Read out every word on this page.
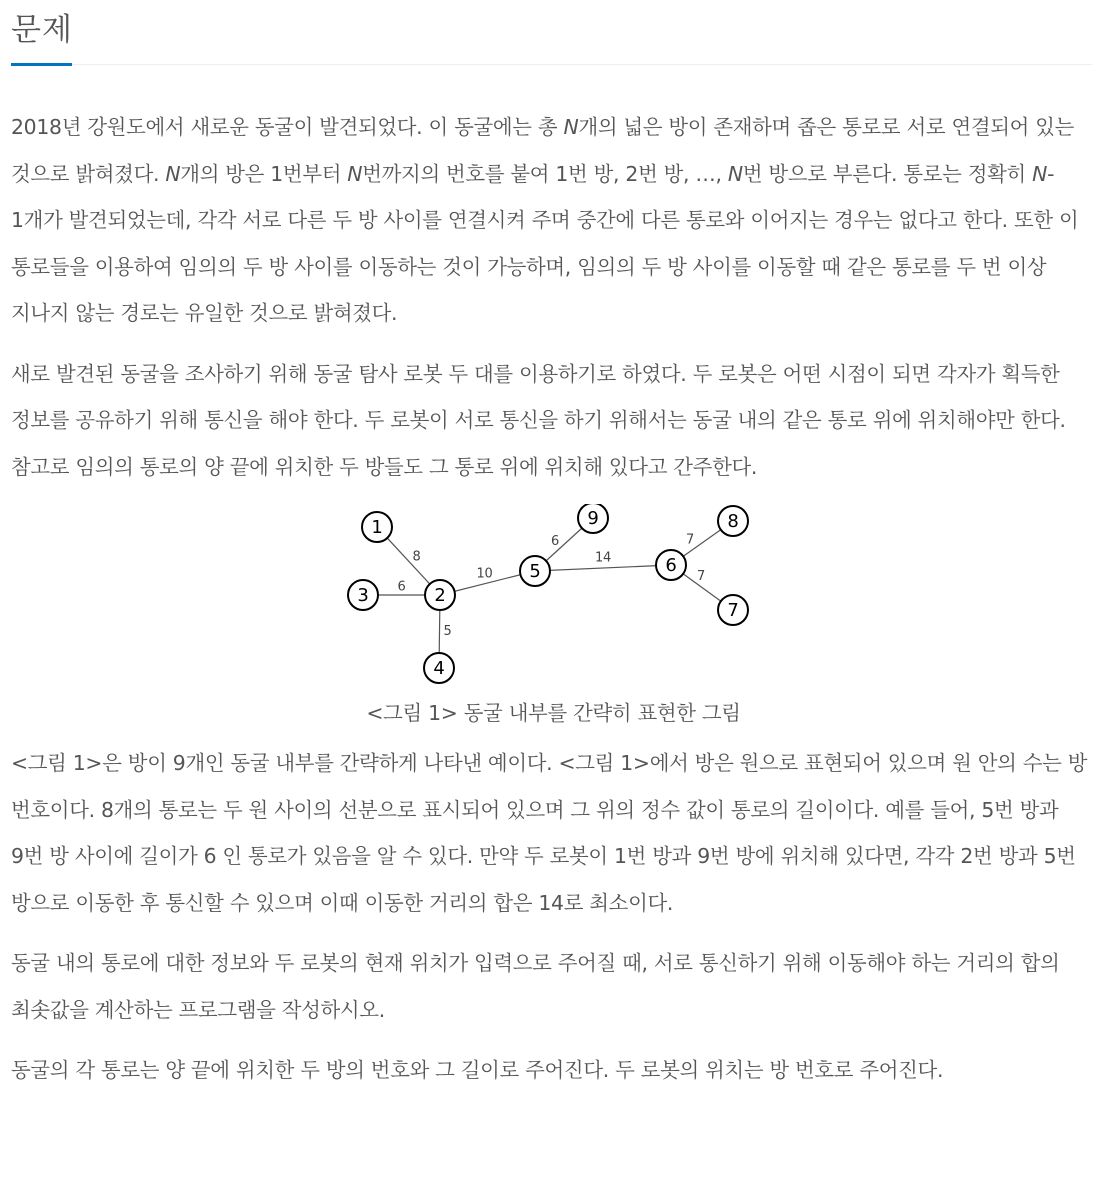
문제

2018년 강원도에서 새로운 동굴이 발견되었다. 이 동굴에는 총 N개의 넓은 방이 존재하며 좁은 통로로 서로 연결되어 있는 것으로 밝혀졌다. N개의 방은 1번부터 N번까지의 번호를 붙여 1번 방, 2번 방, …, N번 방으로 부른다. 통로는 정확히 N-1개가 발견되었는데, 각각 서로 다른 두 방 사이를 연결시켜 주며 중간에 다른 통로와 이어지는 경우는 없다고 한다. 또한 이 통로들을 이용하여 임의의 두 방 사이를 이동하는 것이 가능하며, 임의의 두 방 사이를 이동할 때 같은 통로를 두 번 이상 지나지 않는 경로는 유일한 것으로 밝혀졌다.

새로 발견된 동굴을 조사하기 위해 동굴 탐사 로봇 두 대를 이용하기로 하였다. 두 로봇은 어떤 시점이 되면 각자가 획득한 정보를 공유하기 위해 통신을 해야 한다. 두 로봇이 서로 통신을 하기 위해서는 동굴 내의 같은 통로 위에 위치해야만 한다. 참고로 임의의 통로의 양 끝에 위치한 두 방들도 그 통로 위에 위치해 있다고 간주한다.

8
6
5
10
6
14
7
7
1
2
3
4
5	6
7
8
9
<그림 1> 동굴 내부를 간략히 표현한 그림

<그림 1>은 방이 9개인 동굴 내부를 간략하게 나타낸 예이다. <그림 1>에서 방은 원으로 표현되어 있으며 원 안의 수는 방 번호이다. 8개의 통로는 두 원 사이의 선분으로 표시되어 있으며 그 위의 정수 값이 통로의 길이이다. 예를 들어, 5번 방과 9번 방 사이에 길이가 6 인 통로가 있음을 알 수 있다. 만약 두 로봇이 1번 방과 9번 방에 위치해 있다면, 각각 2번 방과 5번 방으로 이동한 후 통신할 수 있으며 이때 이동한 거리의 합은 14로 최소이다.

동굴 내의 통로에 대한 정보와 두 로봇의 현재 위치가 입력으로 주어질 때, 서로 통신하기 위해 이동해야 하는 거리의 합의 최솟값을 계산하는 프로그램을 작성하시오.

동굴의 각 통로는 양 끝에 위치한 두 방의 번호와 그 길이로 주어진다. 두 로봇의 위치는 방 번호로 주어진다.
